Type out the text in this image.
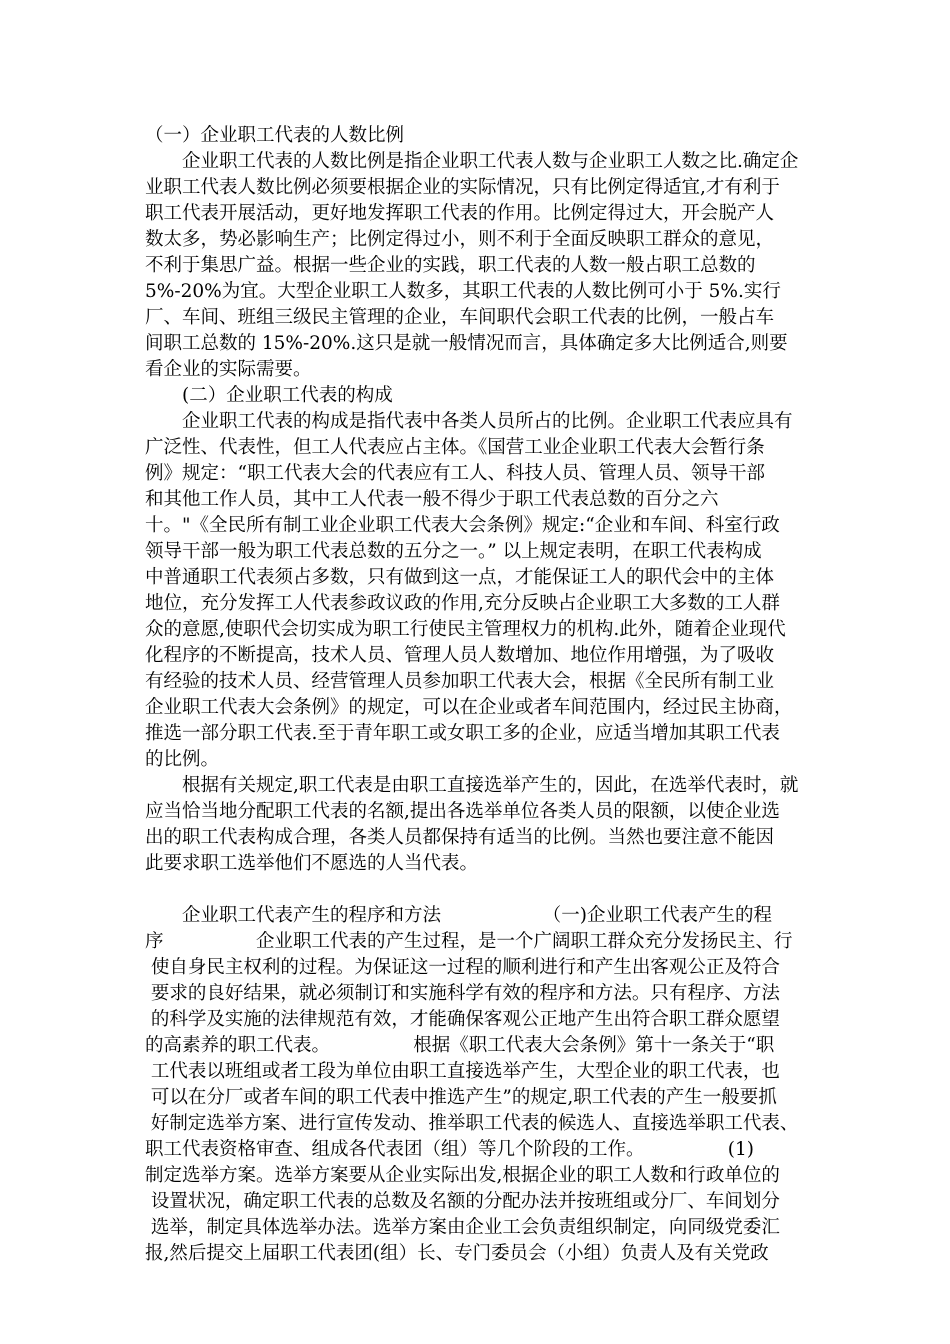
（一）企业职工代表的人数比例
　　企业职工代表的人数比例是指企业职工代表人数与企业职工人数之比.确定企
业职工代表人数比例必须要根据企业的实际情况，只有比例定得适宜,才有利于
职工代表开展活动，更好地发挥职工代表的作用。比例定得过大，开会脱产人
数太多，势必影响生产；比例定得过小，则不利于全面反映职工群众的意见，
不利于集思广益。根据一些企业的实践，职工代表的人数一般占职工总数的
5%-20%为宜。大型企业职工人数多，其职工代表的人数比例可小于 5%.实行
厂、车间、班组三级民主管理的企业，车间职代会职工代表的比例，一般占车
间职工总数的 15%-20%.这只是就一般情况而言，具体确定多大比例适合,则要
看企业的实际需要。
　　(二）企业职工代表的构成
　　企业职工代表的构成是指代表中各类人员所占的比例。企业职工代表应具有
广泛性、代表性，但工人代表应占主体。《国营工业企业职工代表大会暂行条
例》规定：“职工代表大会的代表应有工人、科技人员、管理人员、领导干部
和其他工作人员，其中工人代表一般不得少于职工代表总数的百分之六
十。"《全民所有制工业企业职工代表大会条例》规定:“企业和车间、科室行政
领导干部一般为职工代表总数的五分之一。” 以上规定表明，在职工代表构成
中普通职工代表须占多数，只有做到这一点，才能保证工人的职代会中的主体
地位，充分发挥工人代表参政议政的作用,充分反映占企业职工大多数的工人群
众的意愿,使职代会切实成为职工行使民主管理权力的机构.此外，随着企业现代
化程序的不断提高，技术人员、管理人员人数增加、地位作用增强，为了吸收
有经验的技术人员、经营管理人员参加职工代表大会，根据《全民所有制工业
企业职工代表大会条例》的规定，可以在企业或者车间范围内，经过民主协商，
推选一部分职工代表.至于青年职工或女职工多的企业，应适当增加其职工代表
的比例。
　　根据有关规定,职工代表是由职工直接选举产生的，因此，在选举代表时，就
应当恰当地分配职工代表的名额,提出各选举单位各类人员的限额，以使企业选
出的职工代表构成合理，各类人员都保持有适当的比例。当然也要注意不能因
此要求职工选举他们不愿选的人当代表。
　　企业职工代表产生的程序和方法　　　　　　（一)企业职工代表产生的程
序　　　　　企业职工代表的产生过程，是一个广阔职工群众充分发扬民主、行
使自身民主权利的过程。为保证这一过程的顺利进行和产生出客观公正及符合
要求的良好结果，就必须制订和实施科学有效的程序和方法。只有程序、方法
的科学及实施的法律规范有效，才能确保客观公正地产生出符合职工群众愿望
的高素养的职工代表。　　　　　根据《职工代表大会条例》第十一条关于“职
工代表以班组或者工段为单位由职工直接选举产生，大型企业的职工代表，也
可以在分厂或者车间的职工代表中推选产生”的规定,职工代表的产生一般要抓
好制定选举方案、进行宣传发动、推举职工代表的候选人、直接选举职工代表、
职工代表资格审查、组成各代表团（组）等几个阶段的工作。　　　　　(1)
制定选举方案。选举方案要从企业实际出发,根据企业的职工人数和行政单位的
设置状况，确定职工代表的总数及名额的分配办法并按班组或分厂、车间划分
选举，制定具体选举办法。选举方案由企业工会负责组织制定，向同级党委汇
报,然后提交上届职工代表团(组）长、专门委员会（小组）负责人及有关党政
